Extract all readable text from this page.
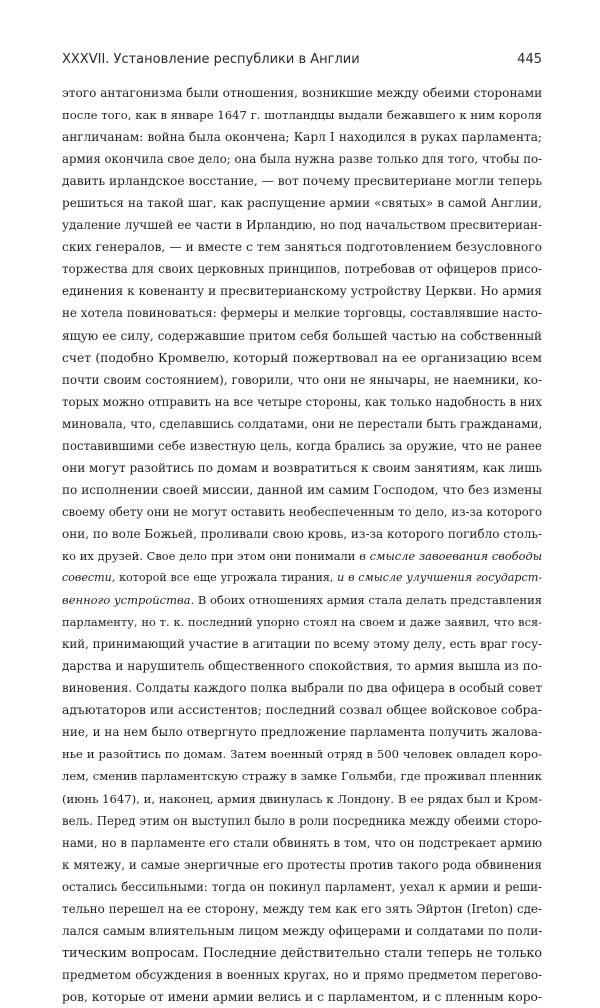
XXXVII. Установление республики в Англии	445
этого антагонизма были отношения, возникшие между обеими сторонами
после того, как в январе 1647 г. шотландцы выдали бежавшего к ним короля
англичанам: война была окончена; Карл I находился в руках парламента;
армия окончила свое дело; она была нужна разве только для того, чтобы по-
давить ирландское восстание, — вот почему пресвитериане могли теперь
решиться на такой шаг, как распущение армии «святых» в самой Англии,
удаление лучшей ее части в Ирландию, но под начальством пресвитериан-
ских генералов, — и вместе с тем заняться подготовлением безусловного
торжества для своих церковных принципов, потребовав от офицеров присо-
единения к ковенанту и пресвитерианскому устройству Церкви. Но армия
не хотела повиноваться: фермеры и мелкие торговцы, составлявшие насто-
ящую ее силу, содержавшие притом себя большей частью на собственный
счет (подобно Кромвелю, который пожертвовал на ее организацию всем
почти своим состоянием), говорили, что они не янычары, не наемники, ко-
торых можно отправить на все четыре стороны, как только надобность в них
миновала, что, сделавшись солдатами, они не перестали быть гражданами,
поставившими себе известную цель, когда брались за оружие, что не ранее
они могут разойтись по домам и возвратиться к своим занятиям, как лишь
по исполнении своей миссии, данной им самим Господом, что без измены
своему обету они не могут оставить необеспеченным то дело, из-за которого
они, по воле Божьей, проливали свою кровь, из-за которого погибло столь-
ко их друзей. Свое дело при этом они понимали в смысле завоевания свободы
совести, которой все еще угрожала тирания, и в смысле улучшения государст-
венного устройства. В обоих отношениях армия стала делать представления
парламенту, но т. к. последний упорно стоял на своем и даже заявил, что вся-
кий, принимающий участие в агитации по всему этому делу, есть враг госу-
дарства и нарушитель общественного спокойствия, то армия вышла из по-
виновения. Солдаты каждого полка выбрали по два офицера в особый совет
адъютаторов или ассистентов; последний созвал общее войсковое собра-
ние, и на нем было отвергнуто предложение парламента получить жалова-
нье и разойтись по домам. Затем военный отряд в 500 человек овладел коро-
лем, сменив парламентскую стражу в замке Гольмби, где проживал пленник
(июнь 1647), и, наконец, армия двинулась к Лондону. В ее рядах был и Кром-
вель. Перед этим он выступил было в роли посредника между обеими сторо-
нами, но в парламенте его стали обвинять в том, что он подстрекает армию
к мятежу, и самые энергичные его протесты против такого рода обвинения
остались бессильными: тогда он покинул парламент, уехал к армии и реши-
тельно перешел на ее сторону, между тем как его зять Эйртон (Ireton) сде-
лался самым влиятельным лицом между офицерами и солдатами по поли-
тическим вопросам. Последние действительно стали теперь не только
предметом обсуждения в военных кругах, но и прямо предметом перегово-
ров, которые от имени армии велись и с парламентом, и с пленным коро-
